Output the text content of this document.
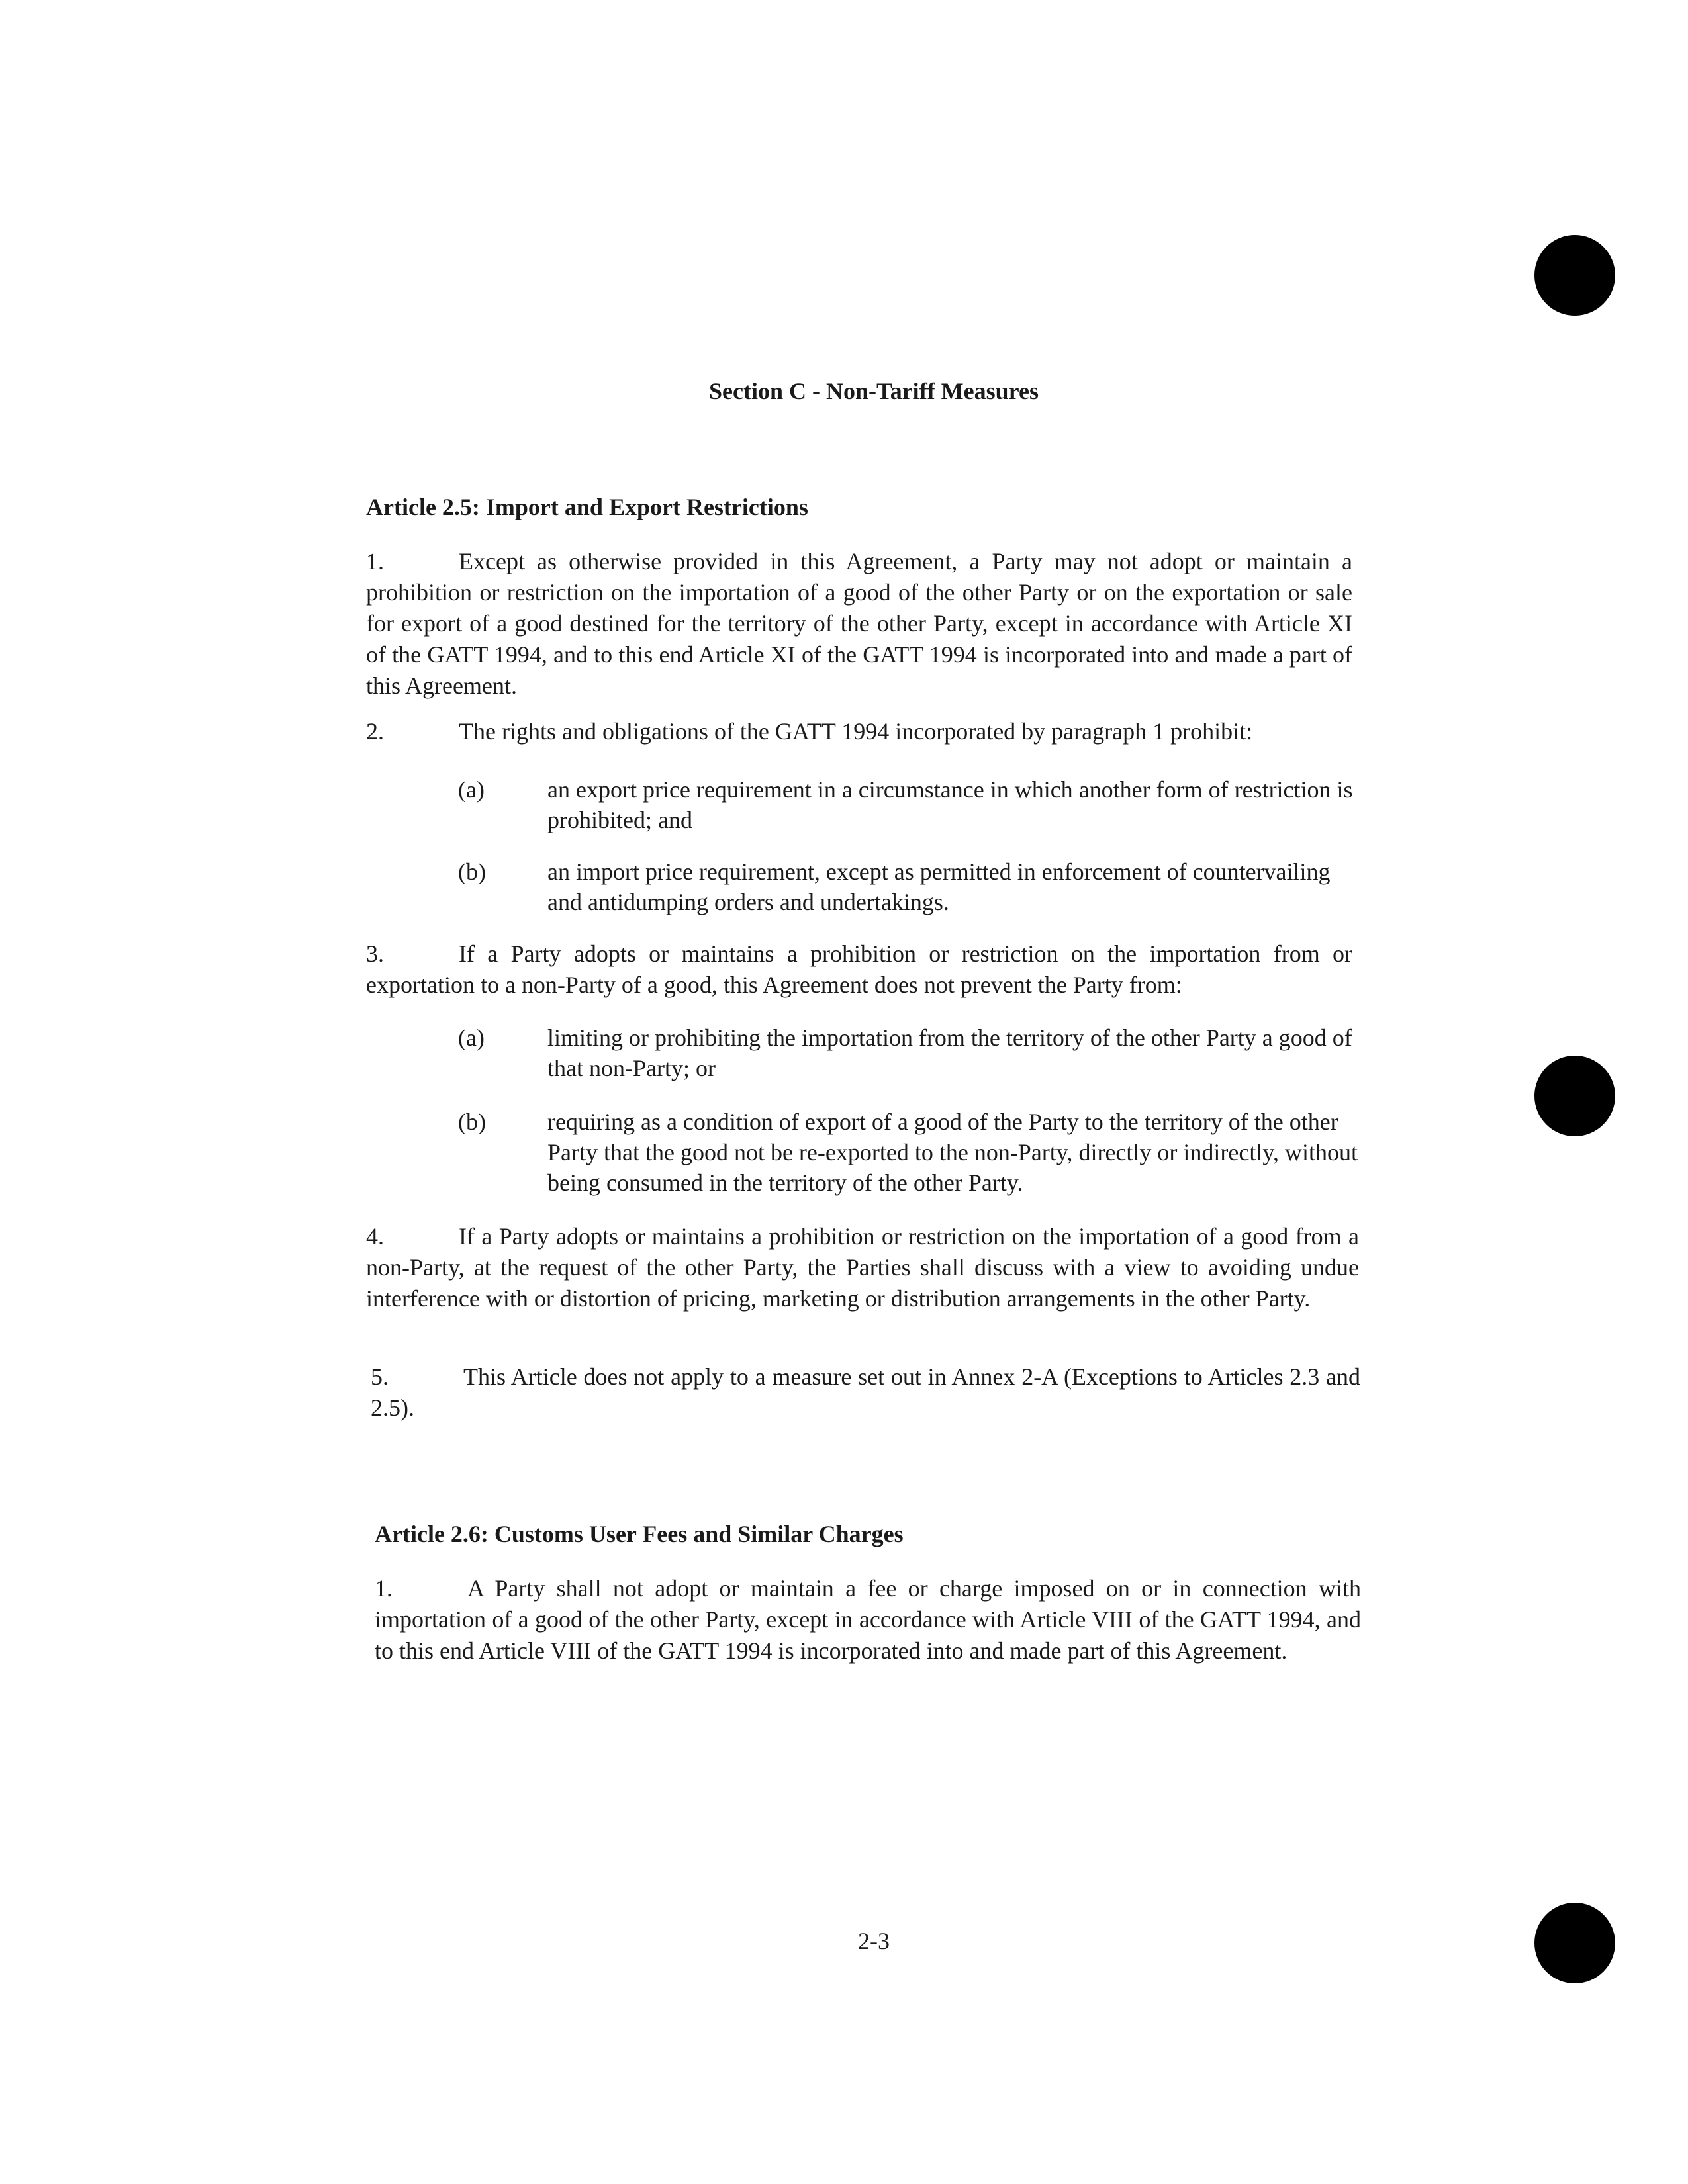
Section C - Non-Tariff Measures
Article 2.5: Import and Export Restrictions
1.	Except as otherwise provided in this Agreement, a Party may not adopt or maintain a prohibition or restriction on the importation of a good of the other Party or on the exportation or sale for export of a good destined for the territory of the other Party, except in accordance with Article XI of the GATT 1994, and to this end Article XI of the GATT 1994 is incorporated into and made a part of this Agreement.
2.	The rights and obligations of the GATT 1994 incorporated by paragraph 1 prohibit:
(a)	an export price requirement in a circumstance in which another form of restriction is prohibited; and
(b)	an import price requirement, except as permitted in enforcement of countervailing and antidumping orders and undertakings.
3.	If a Party adopts or maintains a prohibition or restriction on the importation from or exportation to a non-Party of a good, this Agreement does not prevent the Party from:
(a)	limiting or prohibiting the importation from the territory of the other Party a good of that non-Party; or
(b)	requiring as a condition of export of a good of the Party to the territory of the other Party that the good not be re-exported to the non-Party, directly or indirectly, without being consumed in the territory of the other Party.
4.	If a Party adopts or maintains a prohibition or restriction on the importation of a good from a non-Party, at the request of the other Party, the Parties shall discuss with a view to avoiding undue interference with or distortion of pricing, marketing or distribution arrangements in the other Party.
5.	This Article does not apply to a measure set out in Annex 2-A (Exceptions to Articles 2.3 and 2.5).
Article 2.6: Customs User Fees and Similar Charges
1.	A Party shall not adopt or maintain a fee or charge imposed on or in connection with importation of a good of the other Party, except in accordance with Article VIII of the GATT 1994, and to this end Article VIII of the GATT 1994 is incorporated into and made part of this Agreement.
2-3
